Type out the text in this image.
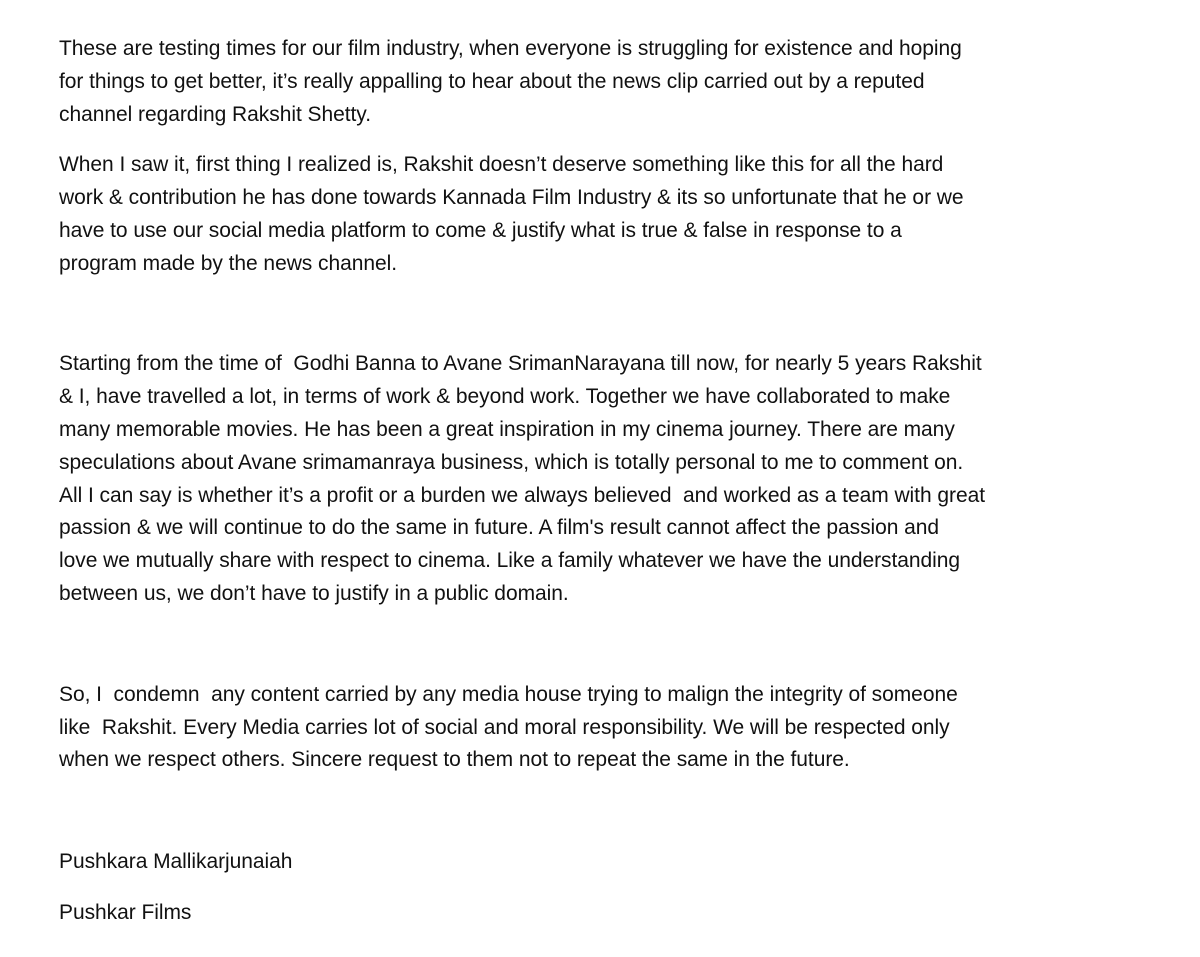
These are testing times for our film industry, when everyone is struggling for existence and hoping

for things to get better, it’s really appalling to hear about the news clip carried out by a reputed

channel regarding Rakshit Shetty.

When I saw it, first thing I realized is, Rakshit doesn’t deserve something like this for all the hard

work & contribution he has done towards Kannada Film Industry & its so unfortunate that he or we

have to use our social media platform to come & justify what is true & false in response to a

program made by the news channel.

Starting from the time of  Godhi Banna to Avane SrimanNarayana till now, for nearly 5 years Rakshit

& I, have travelled a lot, in terms of work & beyond work. Together we have collaborated to make

many memorable movies. He has been a great inspiration in my cinema journey. There are many

speculations about Avane srimamanraya business, which is totally personal to me to comment on.

All I can say is whether it’s a profit or a burden we always believed  and worked as a team with great

passion & we will continue to do the same in future. A film's result cannot affect the passion and

love we mutually share with respect to cinema. Like a family whatever we have the understanding

between us, we don’t have to justify in a public domain.

So, I  condemn  any content carried by any media house trying to malign the integrity of someone

like  Rakshit. Every Media carries lot of social and moral responsibility. We will be respected only

when we respect others. Sincere request to them not to repeat the same in the future.

Pushkara Mallikarjunaiah

Pushkar Films
